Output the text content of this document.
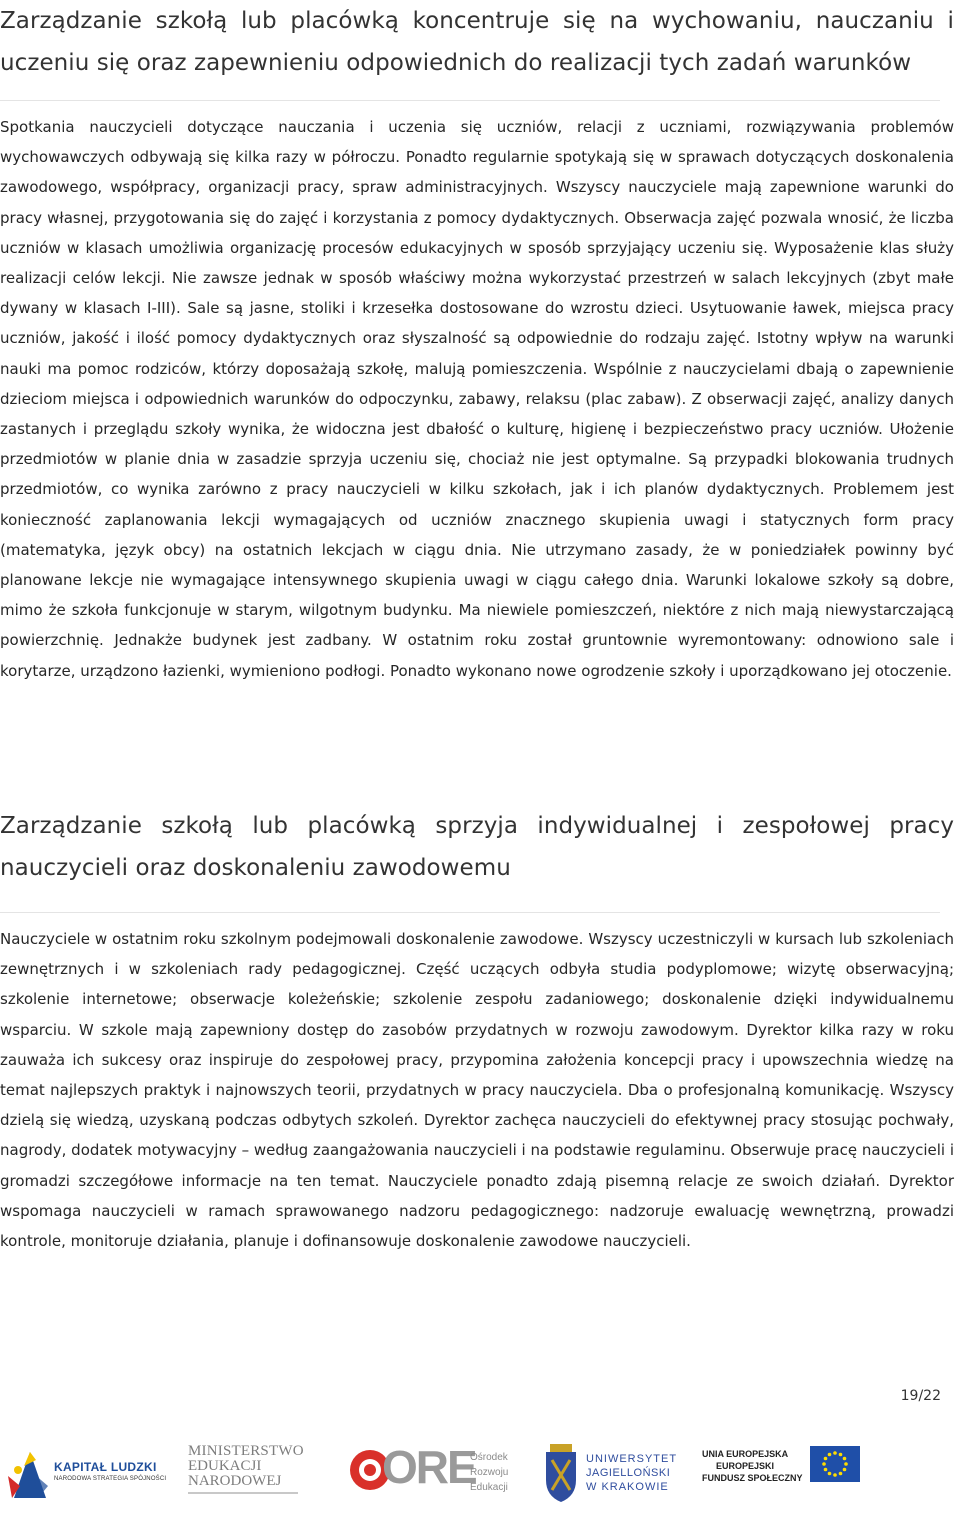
Zarządzanie szkołą lub placówką koncentruje się na wychowaniu, nauczaniu i uczeniu się oraz zapewnieniu odpowiednich do realizacji tych zadań warunków

Spotkania nauczycieli dotyczące nauczania i uczenia się uczniów, relacji z uczniami, rozwiązywania problemów wychowawczych odbywają się kilka razy w półroczu. Ponadto regularnie spotykają się w sprawach dotyczących doskonalenia zawodowego, współpracy, organizacji pracy, spraw administracyjnych. Wszyscy nauczyciele mają zapewnione warunki do pracy własnej, przygotowania się do zajęć i korzystania z pomocy dydaktycznych. Obserwacja zajęć pozwala wnosić, że liczba uczniów w klasach umożliwia organizację procesów edukacyjnych w sposób sprzyjający uczeniu się. Wyposażenie klas służy realizacji celów lekcji. Nie zawsze jednak w sposób właściwy można wykorzystać przestrzeń w salach lekcyjnych (zbyt małe dywany w klasach I-III). Sale są jasne, stoliki i krzesełka dostosowane do wzrostu dzieci. Usytuowanie ławek, miejsca pracy uczniów, jakość i ilość pomocy dydaktycznych oraz słyszalność są odpowiednie do rodzaju zajęć. Istotny wpływ na warunki nauki ma pomoc rodziców, którzy doposażają szkołę, malują pomieszczenia. Wspólnie z nauczycielami dbają o zapewnienie dzieciom miejsca i odpowiednich warunków do odpoczynku, zabawy, relaksu (plac zabaw). Z obserwacji zajęć, analizy danych zastanych i przeglądu szkoły wynika, że widoczna jest dbałość o kulturę, higienę i bezpieczeństwo pracy uczniów. Ułożenie przedmiotów w planie dnia w zasadzie sprzyja uczeniu się, chociaż nie jest optymalne. Są przypadki blokowania trudnych przedmiotów, co wynika zarówno z pracy nauczycieli w kilku szkołach, jak i ich planów dydaktycznych. Problemem jest konieczność zaplanowania lekcji wymagających od uczniów znacznego skupienia uwagi i statycznych form pracy (matematyka, język obcy) na ostatnich lekcjach w ciągu dnia. Nie utrzymano zasady, że w poniedziałek powinny być planowane lekcje nie wymagające intensywnego skupienia uwagi w ciągu całego dnia. Warunki lokalowe szkoły są dobre, mimo że szkoła funkcjonuje w starym, wilgotnym budynku. Ma niewiele pomieszczeń, niektóre z nich mają niewystarczającą powierzchnię. Jednakże budynek jest zadbany. W ostatnim roku został gruntownie wyremontowany: odnowiono sale i korytarze, urządzono łazienki, wymieniono podłogi. Ponadto wykonano nowe ogrodzenie szkoły i uporządkowano jej otoczenie.

Zarządzanie szkołą lub placówką sprzyja indywidualnej i zespołowej pracy nauczycieli oraz doskonaleniu zawodowemu

Nauczyciele w ostatnim roku szkolnym podejmowali doskonalenie zawodowe. Wszyscy uczestniczyli w kursach lub szkoleniach zewnętrznych i w szkoleniach rady pedagogicznej. Część uczących odbyła studia podyplomowe; wizytę obserwacyjną; szkolenie internetowe; obserwacje koleżeńskie; szkolenie zespołu zadaniowego; doskonalenie dzięki indywidualnemu wsparciu. W szkole mają zapewniony dostęp do zasobów przydatnych w rozwoju zawodowym. Dyrektor kilka razy w roku zauważa ich sukcesy oraz inspiruje do zespołowej pracy, przypomina założenia koncepcji pracy i upowszechnia wiedzę na temat najlepszych praktyk i najnowszych teorii, przydatnych w pracy nauczyciela. Dba o profesjonalną komunikację. Wszyscy dzielą się wiedzą, uzyskaną podczas odbytych szkoleń. Dyrektor zachęca nauczycieli do efektywnej pracy stosując pochwały, nagrody, dodatek motywacyjny – według zaangażowania nauczycieli i na podstawie regulaminu. Obserwuje pracę nauczycieli i gromadzi szczegółowe informacje na ten temat. Nauczyciele ponadto zdają pisemną relacje ze swoich działań. Dyrektor wspomaga nauczycieli w ramach sprawowanego nadzoru pedagogicznego: nadzoruje ewaluację wewnętrzną, prowadzi kontrole, monitoruje działania, planuje i dofinansowuje doskonalenie zawodowe nauczycieli.

19/22
KAPITAŁ LUDZKI
NARODOWA STRATEGIA SPÓJNOŚCI
MINISTERSTWO
EDUKACJI
NARODOWEJ ORE
Ośrodek
Rozwoju
Edukacji
UNIWERSYTET
JAGIELLOŃSKI
W KRAKOWIE
UNIA EUROPEJSKA
EUROPEJSKI
FUNDUSZ SPOŁECZNY
